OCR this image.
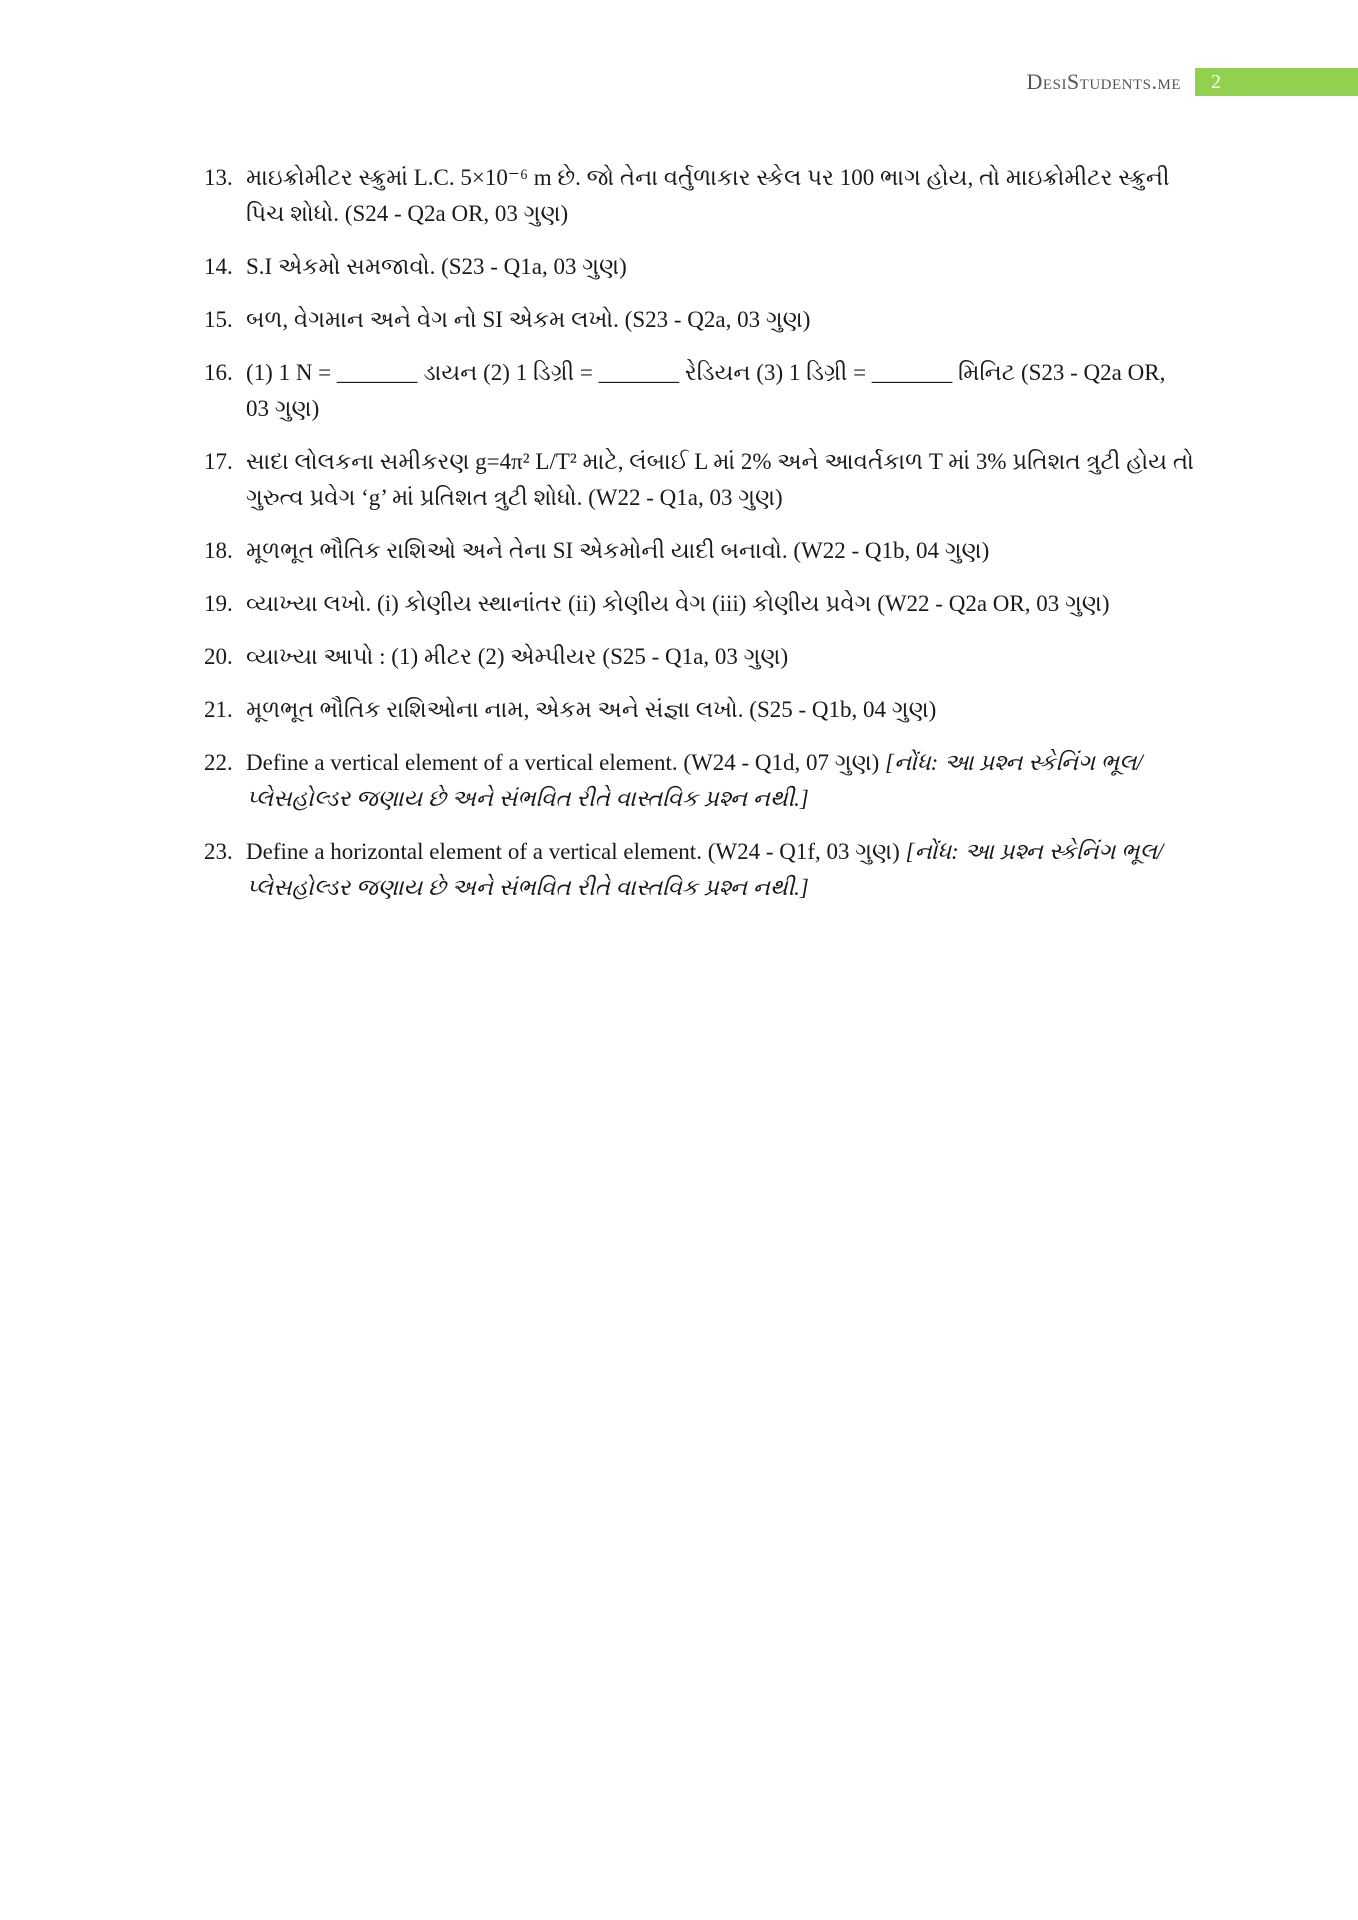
DesiStudents.me	2
13. માઇક્રોમીટર સ્ક્રુમાં L.C. 5×10⁻⁶ m છે. જો તેના વર્તુળાકાર સ્કેલ પર 100 ભાગ હોય, તો માઇક્રોમીટર સ્ક્રુની પિચ શોધો. (S24 - Q2a OR, 03 ગુણ)
14. S.I એકમો સમજાવો. (S23 - Q1a, 03 ગુણ)
15. બળ, વેગમાન અને વેગ નો SI એકમ લખો. (S23 - Q2a, 03 ગુણ)
16. (1) 1 N = _______ ડાયન (2) 1 ડિગ્રી = _______ રેડિયન (3) 1 ડિગ્રી = _______ મિનિટ (S23 - Q2a OR, 03 ગુણ)
17. સાદા લોલકના સમીકરણ g=4π² L/T² માટે, લંબાઈ L માં 2% અને આવર્તકાળ T માં 3% પ્રતિશત ત્રુટી હોય તો ગુરુત્વ પ્રવેગ ‘g’ માં પ્રતિશત ત્રુટી શોધો. (W22 - Q1a, 03 ગુણ)
18. મૂળભૂત ભૌતિક રાશિઓ અને તેના SI એકમોની યાદી બનાવો. (W22 - Q1b, 04 ગુણ)
19. વ્યાખ્યા લખો. (i) કોણીય સ્થાનાંતર (ii) કોણીય વેગ (iii) કોણીય પ્રવેગ (W22 - Q2a OR, 03 ગુણ)
20. વ્યાખ્યા આપો : (1) મીટર (2) એમ્પીયર (S25 - Q1a, 03 ગુણ)
21. મૂળભૂત ભૌતિક રાશિઓના નામ, એકમ અને સંજ્ઞા લખો. (S25 - Q1b, 04 ગુણ)
22. Define a vertical element of a vertical element. (W24 - Q1d, 07 ગુણ) [નોંધ: આ પ્રશ્ન સ્કેનિંગ ભૂલ/પ્લેસહોલ્ડર જણાય છે અને સંભવિત રીતે વાસ્તવિક પ્રશ્ન નથી.]
23. Define a horizontal element of a vertical element. (W24 - Q1f, 03 ગુણ) [નોંધ: આ પ્રશ્ન સ્કેનિંગ ભૂલ/પ્લેસહોલ્ડર જણાય છે અને સંભવિત રીતે વાસ્તવિક પ્રશ્ન નથી.]
